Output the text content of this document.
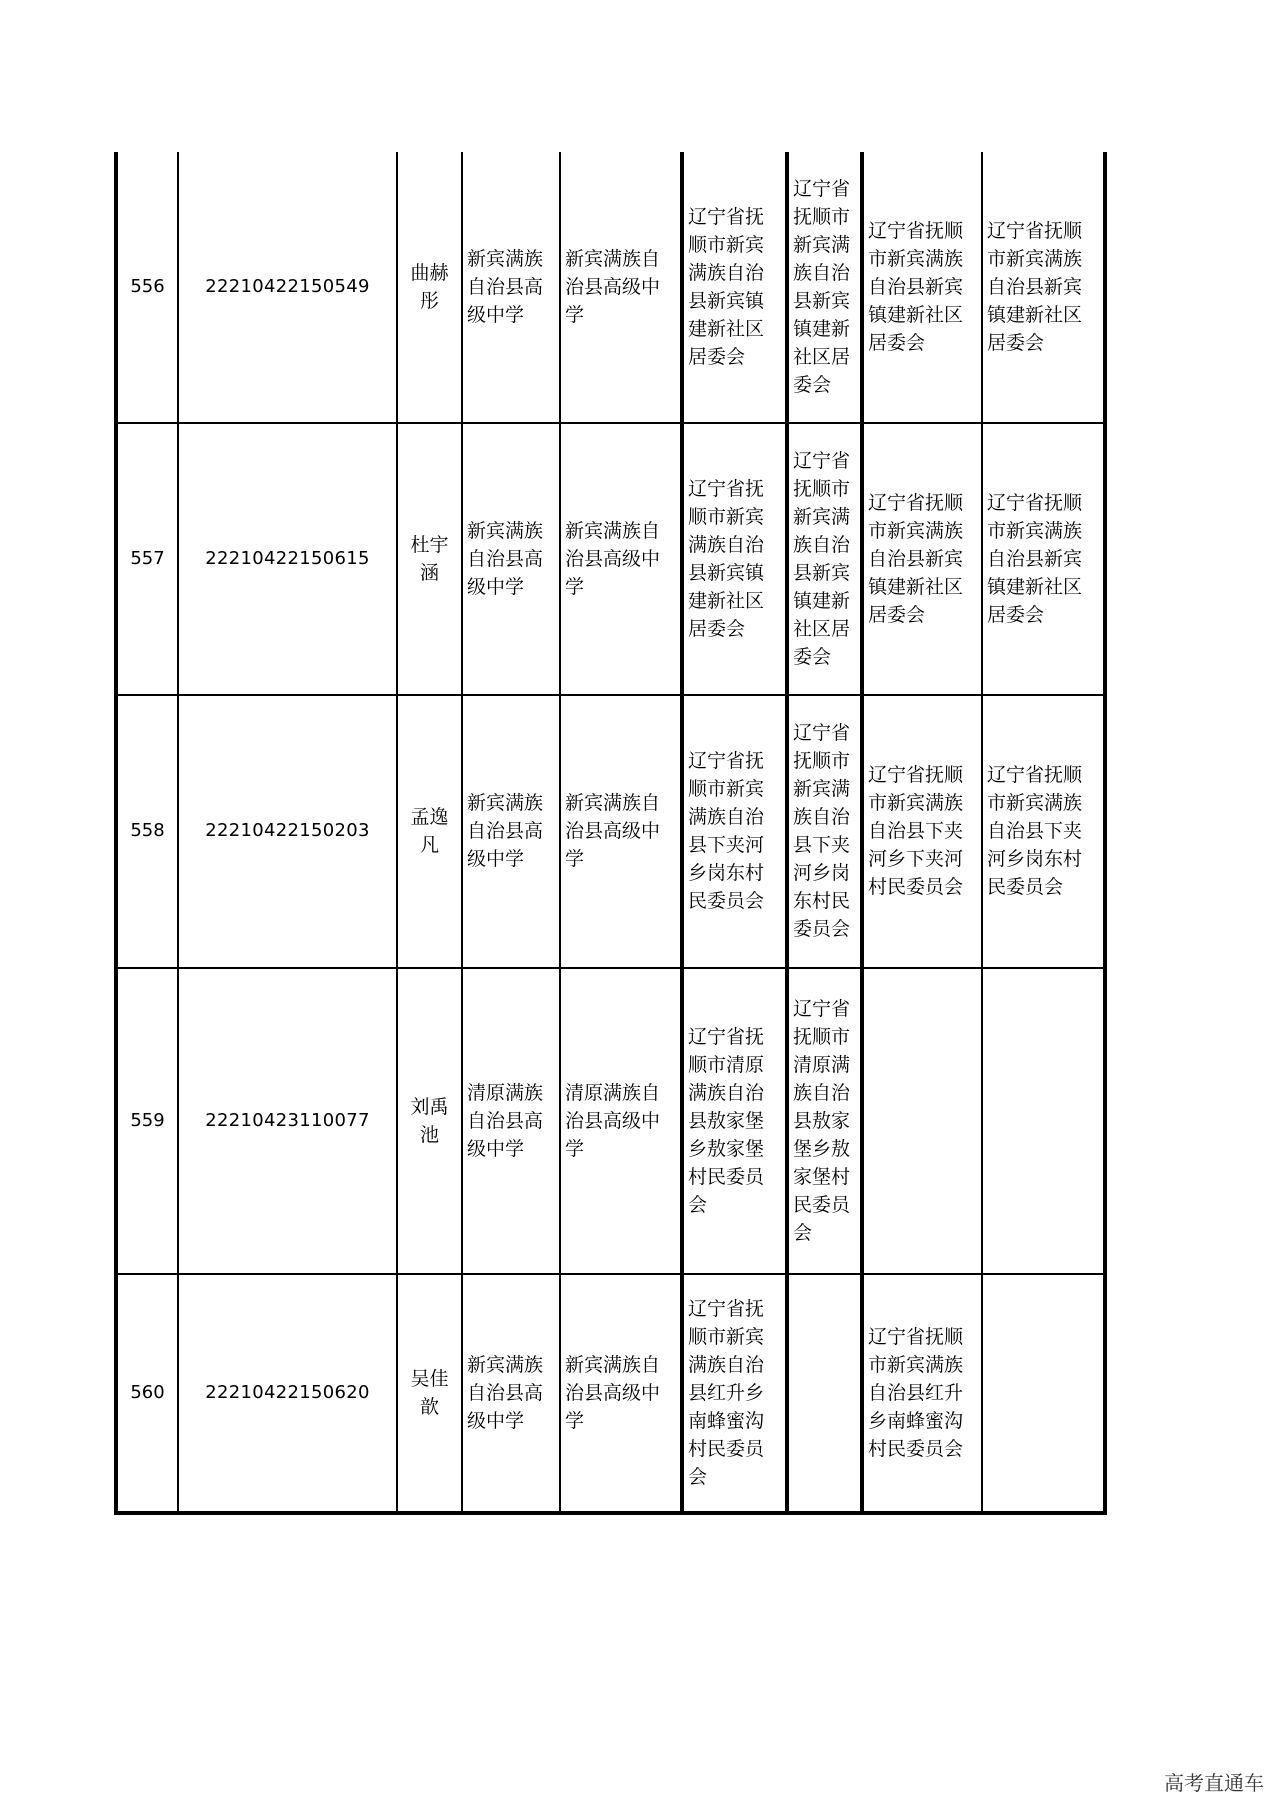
556	22210422150549	曲赫彤	新宾满族自治县高级中学	新宾满族自治县高级中学	辽宁省抚顺市新宾满族自治县新宾镇建新社区居委会	辽宁省抚顺市新宾满族自治县新宾镇建新社区居委会	辽宁省抚顺市新宾满族自治县新宾镇建新社区居委会	辽宁省抚顺市新宾满族自治县新宾镇建新社区居委会
557	22210422150615	杜宇涵	新宾满族自治县高级中学	新宾满族自治县高级中学	辽宁省抚顺市新宾满族自治县新宾镇建新社区居委会	辽宁省抚顺市新宾满族自治县新宾镇建新社区居委会	辽宁省抚顺市新宾满族自治县新宾镇建新社区居委会	辽宁省抚顺市新宾满族自治县新宾镇建新社区居委会
558	22210422150203	孟逸凡	新宾满族自治县高级中学	新宾满族自治县高级中学	辽宁省抚顺市新宾满族自治县下夹河乡岗东村民委员会	辽宁省抚顺市新宾满族自治县下夹河乡岗东村民委员会	辽宁省抚顺市新宾满族自治县下夹河乡下夹河村民委员会	辽宁省抚顺市新宾满族自治县下夹河乡岗东村民委员会
559	22210423110077	刘禹池	清原满族自治县高级中学	清原满族自治县高级中学	辽宁省抚顺市清原满族自治县敖家堡乡敖家堡村民委员会	辽宁省抚顺市清原满族自治县敖家堡乡敖家堡村民委员会		
560	22210422150620	吴佳歆	新宾满族自治县高级中学	新宾满族自治县高级中学	辽宁省抚顺市新宾满族自治县红升乡南蜂蜜沟村民委员会		辽宁省抚顺市新宾满族自治县红升乡南蜂蜜沟村民委员会	
高考直通车
